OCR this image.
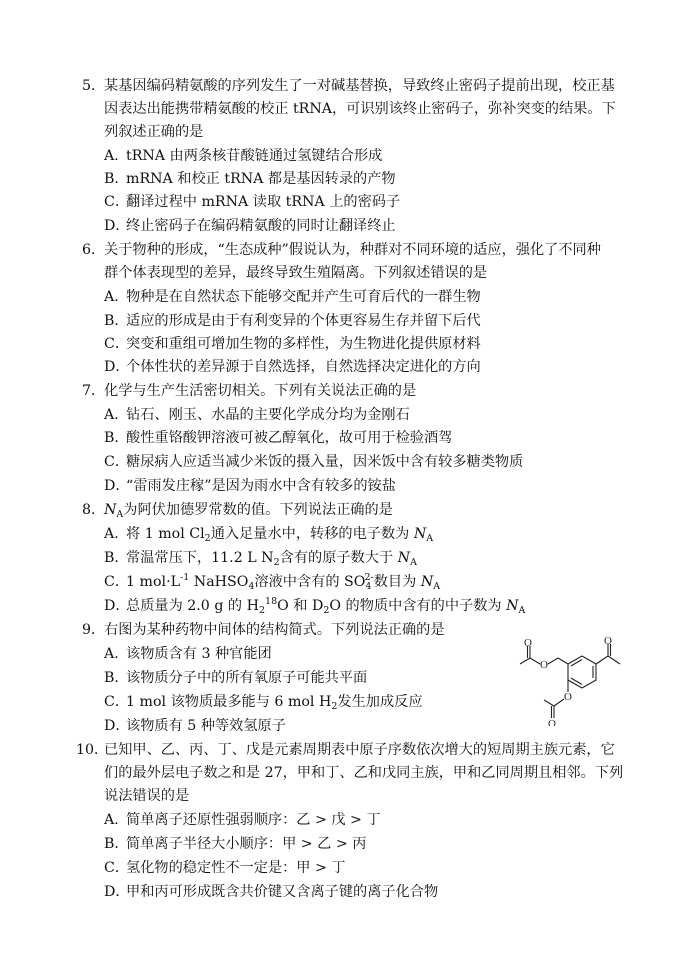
5．
某基因编码精氨酸的序列发生了一对碱基替换，导致终止密码子提前出现，校正基
因表达出能携带精氨酸的校正 tRNA，可识别该终止密码子，弥补突变的结果。下
列叙述正确的是
A．tRNA 由两条核苷酸链通过氢键结合形成
B．mRNA 和校正 tRNA 都是基因转录的产物
C．翻译过程中 mRNA 读取 tRNA 上的密码子
D．终止密码子在编码精氨酸的同时让翻译终止
6．
关于物种的形成，“生态成种”假说认为，种群对不同环境的适应，强化了不同种
群个体表现型的差异，最终导致生殖隔离。下列叙述错误的是
A．物种是在自然状态下能够交配并产生可育后代的一群生物
B．适应的形成是由于有利变异的个体更容易生存并留下后代
C．突变和重组可增加生物的多样性，为生物进化提供原材料
D．个体性状的差异源于自然选择，自然选择决定进化的方向
7．
化学与生产生活密切相关。下列有关说法正确的是
A．钻石、刚玉、水晶的主要化学成分均为金刚石
B．酸性重铬酸钾溶液可被乙醇氧化，故可用于检验酒驾
C．糖尿病人应适当减少米饭的摄入量，因米饭中含有较多糖类物质
D．“雷雨发庄稼”是因为雨水中含有较多的铵盐
8．
$N_A$为阿伏加德罗常数的值。下列说法正确的是
A．将 1 mol $Cl_2$通入足量水中，转移的电子数为 $N_A$
B．常温常压下，11.2 L $N_2$含有的原子数大于 $N_A$
C．1 $mol\cdot L^{-1}$ NaHSO$_4$溶液中含有的 $SO_4^{2-}$数目为 $N_A$
D．总质量为 2.0 g 的 $H_2^{18}O$ 和 $D_2O$ 的物质中含有的中子数为 $N_A$
9．
右图为某种药物中间体的结构简式。下列说法正确的是
A．该物质含有 3 种官能团
B．该物质分子中的所有氧原子可能共平面
C．1 mol 该物质最多能与 6 mol $H_2$发生加成反应
D．该物质有 5 种等效氢原子
O
O	O
O
O
10．
已知甲、乙、丙、丁、戊是元素周期表中原子序数依次增大的短周期主族元素，它
们的最外层电子数之和是 27，甲和丁、乙和戊同主族，甲和乙同周期且相邻。下列
说法错误的是
A．简单离子还原性强弱顺序：乙 > 戊 > 丁
B．简单离子半径大小顺序：甲 > 乙 > 丙
C．氢化物的稳定性不一定是：甲 > 丁
D．甲和丙可形成既含共价键又含离子键的离子化合物
